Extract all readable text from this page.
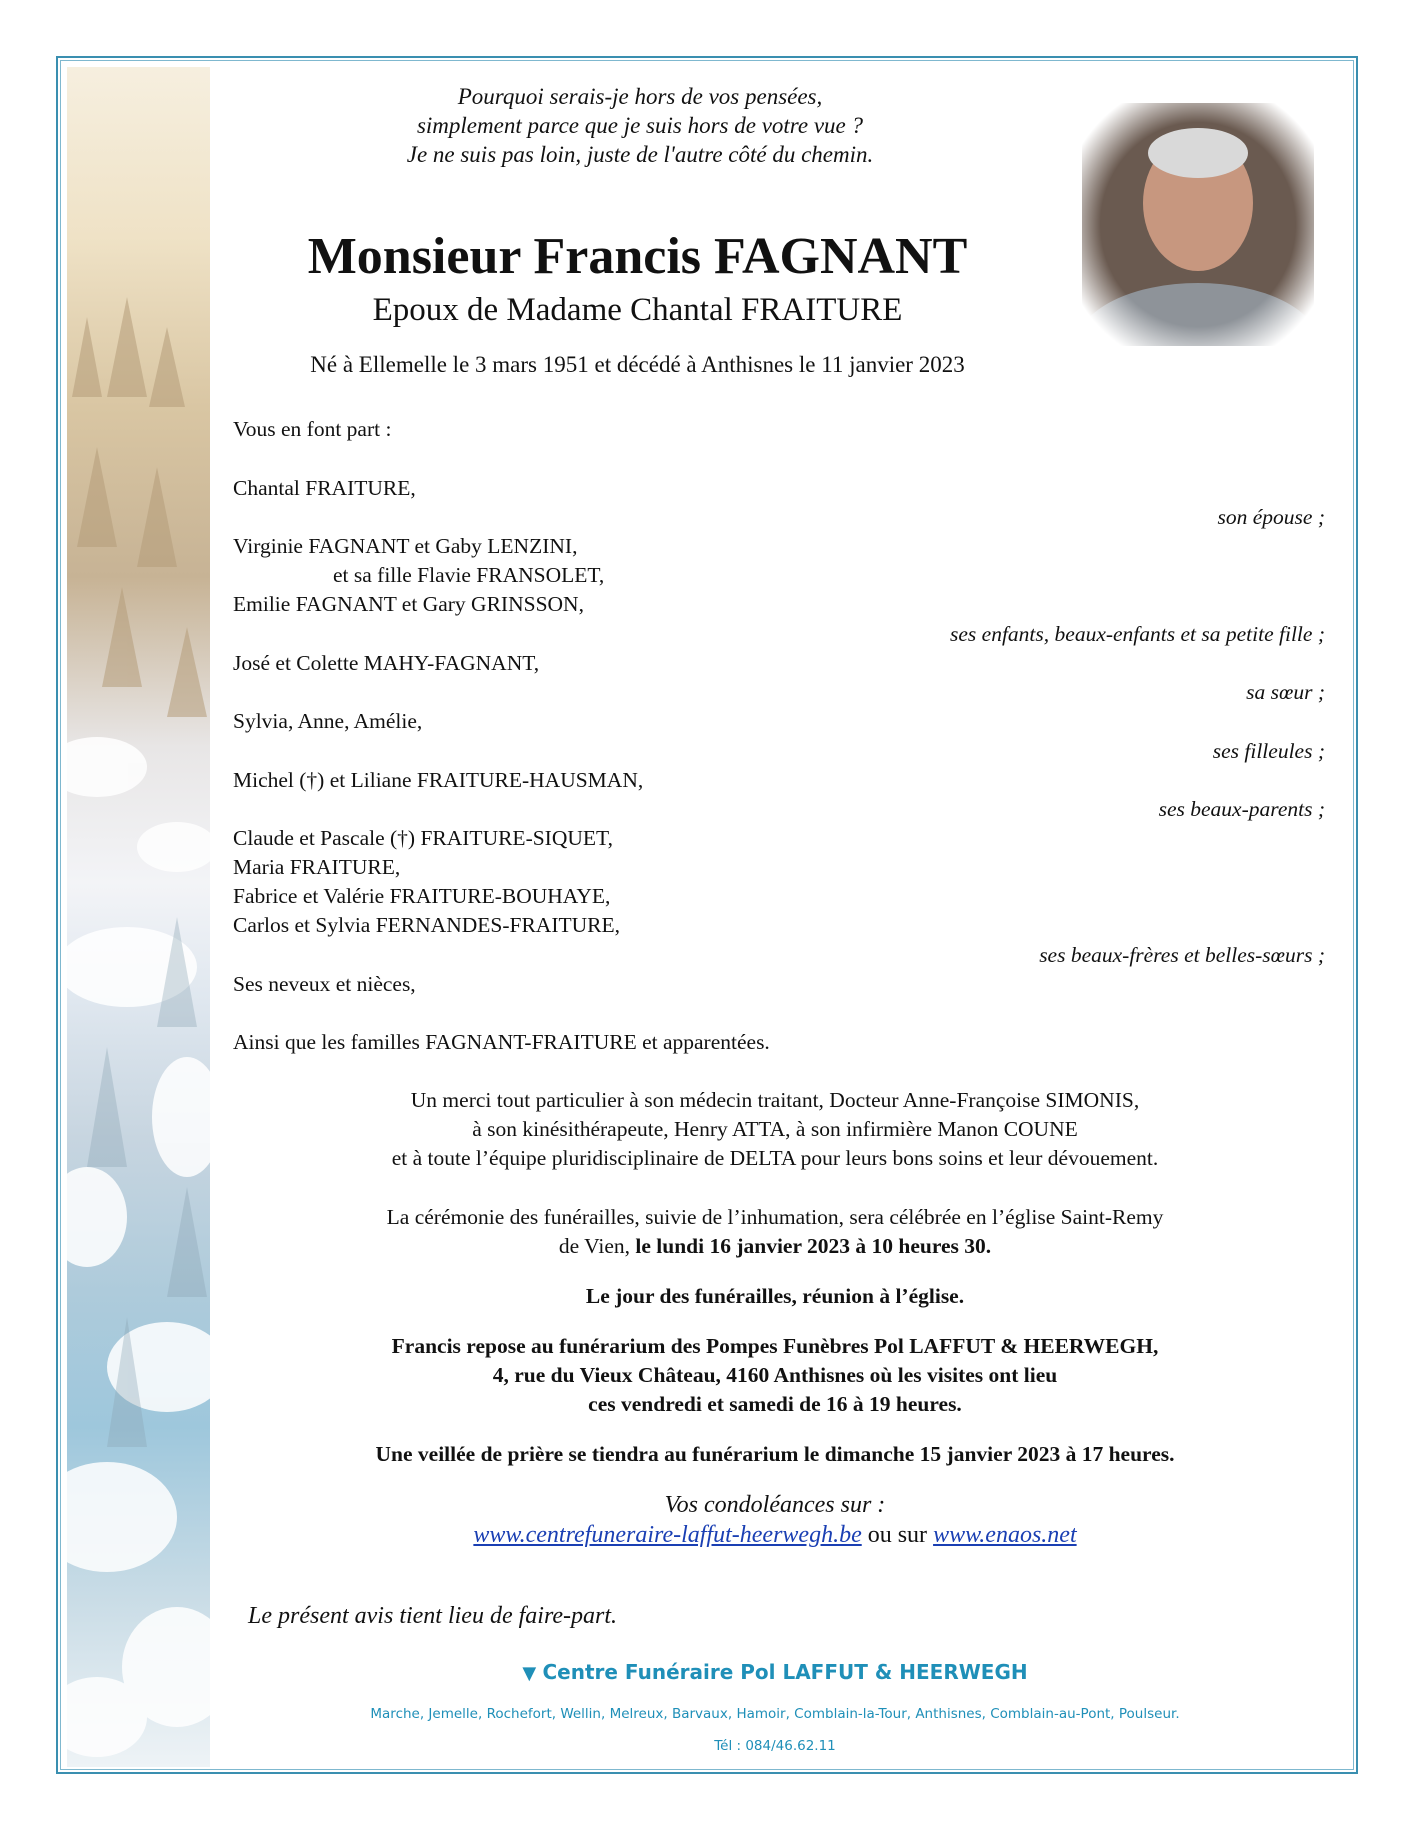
Pourquoi serais-je hors de vos pensées,
simplement parce que je suis hors de votre vue ?
Je ne suis pas loin, juste de l'autre côté du chemin.
Monsieur Francis FAGNANT
Epoux de Madame Chantal FRAITURE
Né à Ellemelle le 3 mars 1951 et décédé à Anthisnes le 11 janvier 2023
Vous en font part :
Chantal FRAITURE,
son épouse ;
Virginie FAGNANT et Gaby LENZINI,
et sa fille Flavie FRANSOLET,
Emilie FAGNANT et Gary GRINSSON,
ses enfants, beaux-enfants et sa petite fille ;
José et Colette MAHY-FAGNANT,
sa sœur ;
Sylvia, Anne, Amélie,
ses filleules ;
Michel (†) et Liliane FRAITURE-HAUSMAN,
ses beaux-parents ;
Claude et Pascale (†) FRAITURE-SIQUET,
Maria FRAITURE,
Fabrice et Valérie FRAITURE-BOUHAYE,
Carlos et Sylvia FERNANDES-FRAITURE,
ses beaux-frères et belles-sœurs ;
Ses neveux et nièces,
Ainsi que les familles FAGNANT-FRAITURE et apparentées.
Un merci tout particulier à son médecin traitant, Docteur Anne-Françoise SIMONIS,
à son kinésithérapeute, Henry ATTA, à son infirmière Manon COUNE
et à toute l’équipe pluridisciplinaire de DELTA pour leurs bons soins et leur dévouement.
La cérémonie des funérailles, suivie de l’inhumation, sera célébrée en l’église Saint-Remy
de Vien, le lundi 16 janvier 2023 à 10 heures 30.
Le jour des funérailles, réunion à l’église.
Francis repose au funérarium des Pompes Funèbres Pol LAFFUT & HEERWEGH,
4, rue du Vieux Château, 4160 Anthisnes où les visites ont lieu
ces vendredi et samedi de 16 à 19 heures.
Une veillée de prière se tiendra au funérarium le dimanche 15 janvier 2023 à 17 heures.
Vos condoléances sur :
www.centrefuneraire-laffut-heerwegh.be ou sur www.enaos.net
Le présent avis tient lieu de faire-part.
▼ Centre Funéraire Pol LAFFUT & HEERWEGH
Marche, Jemelle, Rochefort, Wellin, Melreux, Barvaux, Hamoir, Comblain-la-Tour, Anthisnes, Comblain-au-Pont, Poulseur.
Tél : 084/46.62.11
